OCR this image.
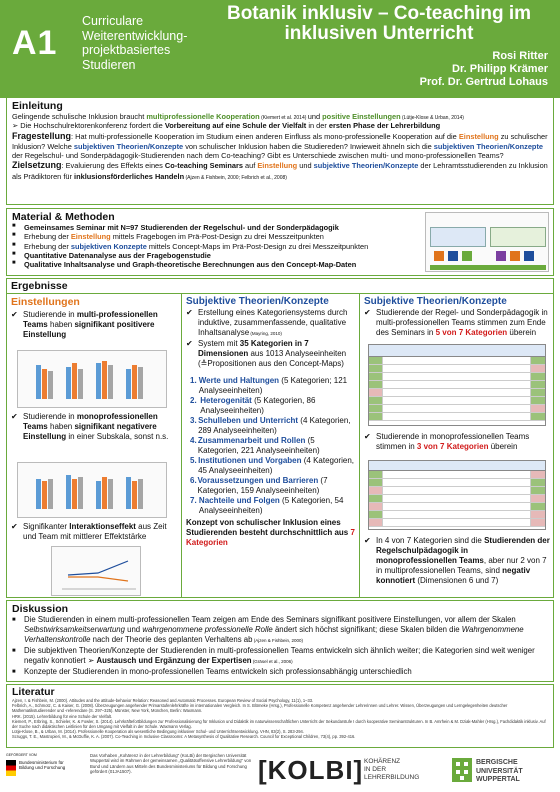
A1
Curriculare
Weiterentwicklung-
projektbasiertes
Studieren
Botanik inklusiv – Co-teaching im
inklusiven Unterricht
Rosi Ritter
Dr. Philipp Krämer
Prof. Dr. Gertrud Lohaus
Einleitung

Gelingende schulische Inklusion braucht multiprofessionelle Kooperation (Kiemert et al. 2014) und positive Einstellungen (Lütje-Klose & Urban, 2014)

➢ Die Hochschulrektorenkonferenz fordert die Vorbereitung auf eine Schule der Vielfalt in der ersten Phase der Lehrerbildung

Fragestellung: Hat multi-professionelle Kooperation im Studium einen anderen Einfluss als mono-professionelle Kooperation auf die Einstellung zu schulischer Inklusion? Welche subjektiven Theorien/Konzepte von schulischer Inklusion haben die Studiereden? Inwieweit ähneln sich die subjektiven Theorien/Konzepte der Regelschul- und Sonderpädagogik-Studierenden nach dem Co-teaching? Gibt es Unterschiede zwischen multi- und mono-professionellen Teams?

Zielsetzung: Evaluierung des Effekts eines Co-teaching Seminars auf Einstellung und subjektive Theorien/Konzepte der Lehramtsstudierenden zu Inklusion als Prädiktoren für inklusionsförderliches Handeln (Ajzen & Fishbein, 2000; Felbrich et al., 2008)

Material & Methoden
■ Gemeinsames Seminar mit N=97 Studierenden der Regelschul- und der Sonderpädagogik
■ Erhebung der Einstellung mittels Fragebogen im Prä-Post-Design zu drei Messzeitpunkten
■ Erhebung der subjektiven Konzepte mittels Concept-Maps im Prä-Post-Design zu drei Messzeitpunkten
■ Quantitative Datenanalyse aus der Fragebogenstudie
■ Qualitative Inhaltsanalyse und Graph-theoretische Berechnungen aus den Concept-Map-Daten
Ergebnisse
Einstellungen
✔ Studierende in multi-professionellen Teams haben signifikant positivere Einstellung
✔ Studierende in monoprofessionellen Teams haben signifikant negativere Einstellung in einer Subskala, sonst n.s.
✔ Signifikanter Interaktionseffekt aus Zeit und Team mit mittlerer Effektstärke
Subjektive Theorien/Konzepte
✔ Erstellung eines Kategoriensystems durch induktive, zusammenfassende, qualitative Inhaltsanalyse (Mayring, 2010)
✔ System mit 35 Kategorien in 7 Dimensionen aus 1013 Analyseeinheiten (≙Propositionen aus den Concept-Maps)
1. Werte und Haltungen (5 Kategorien; 121 Analyseeinheiten)
2. Heterogenität (5 Kategorien, 86 Analyseeinheiten)
3. Schulleben und Unterricht (4 Kategorien, 289 Analyseeinheiten)
4. Zusammenarbeit und Rollen (5 Kategorien, 221 Analyseeinheiten)
5. Institutionen und Vorgaben (4 Kategorien, 45 Analyseeinheiten)
6. Voraussetzungen und Barrieren (7 Kategorien, 159 Analyseeinheiten)
7. Nachteile und Folgen (5 Kategorien, 54 Analyseeinheiten)

Konzept von schulischer Inklusion eines Studierenden besteht durchschnittlich aus 7 Kategorien

Subjektive Theorien/Konzepte
✔ Studierende der Regel- und Sonderpädagogik in multi-professionellen Teams stimmen zum Ende des Seminars in 5 von 7 Kategorien überein
✔ Studierende in monoprofessionellen Teams stimmen in 3 von 7 Kategorien überein
✔ In 4 von 7 Kategorien sind die Studierenden der Regelschulpädagogik in monoprofessionellen Teams, aber nur 2 von 7 in multiprofessionellen Teams, sind negativ konnotiert (Dimensionen 6 und 7)
Diskussion
■ Die Studierenden in einem multi-professionellen Team zeigen am Ende des Seminars signifikant positivere Einstellungen, vor allem der Skalen Selbstwirksamkeitserwartung und wahrgenommene professionelle Rolle ändert sich höchst signifikant; diese Skalen bilden die Wahrgenommene Verhaltenskontrolle nach der Theorie des geplanten Verhaltens ab (Ajzen & Fishbein, 2000)
■ Die subjektiven Theorien/Konzepte der Studierenden in multi-professionellen Teams entwickeln sich ähnlich weiter; die Kategorien sind weit weniger negativ konnotiert ➢ Austausch und Ergänzung der Expertisen (Gräsel et al., 2006)
■ Konzepte der Studierenden in mono-professionellen Teams entwickeln sich professionsabhängig unterschiedlich
Literatur
Ajzen, I. & Fishbein, M. (2000). Attitudes and the attitude-behavior Relation: Reasoned and Automatic Processes. European Review of Social Psychology, 11(1), 1–33.
Felbrich, A., Schmotz, C. & Kaiser, G. (2008). Überzeugungen angehender Primarstufenlehrkräfte im internationalen Vergleich. In S. Blömeke (Hrsg.), Professionelle Kompetenz angehender Lehrerinnen und Lehrer. Wissen, Überzeugungen und Lerngelegenheiten deutscher Mathematikstudierender und -referendare (S. 297–325). Münster, New York, München, Berlin: Waxmann.
HRK. (2015). Lehrerbildung für eine Schule der Vielfalt.
Kiemert, P., Erbring, S., Schieler, K. & Fowler, S. (2014). Lehrkräftefortbildungen zur Professionalisierung für Inklusion und Didaktik im naturwissenschaftlichen Unterricht der Sekundarstufe I durch kooperative Seminarstrukturen. In B. Amrhein & M. Dziak-Mahler (Hrsg.), Fachdidaktik inklusiv. Auf der Suche nach didaktischen Leitlinien für den Umgang mit Vielfalt in der Schule. Waxmann Verlag.
Lütje-Klose, B., & Urban, M. (2014). Professionelle Kooperation als wesentliche Bedingung inklusiver Schul- und Unterrichtsentwicklung. VHN, 83(2), S. 283-294.
Scruggs, T. E., Mastropieri, M., & McDuffie, K. A. (2007). Co-Teaching in Inclusive Classrooms: A Metasynthesis of Qualitative Research. Council for Exceptional Children, 73(4), pp. 392-416.
GEFÖRDERT VOM
Bundesministerium für Bildung und Forschung
Das Vorhaben „Kohärenz in der Lehrerbildung" (KoLBi) der Bergischen Universität Wuppertal wird im Rahmen der gemeinsamen „Qualitätsoffensive Lehrerbildung" von Bund und Ländern aus Mitteln des Bundesministeriums für Bildung und Forschung gefördert (01JA1507).	[KOLBI] KOHÄRENZ
IN DER
LEHRERBILDUNG
BERGISCHE
UNIVERSITÄT
WUPPERTAL
